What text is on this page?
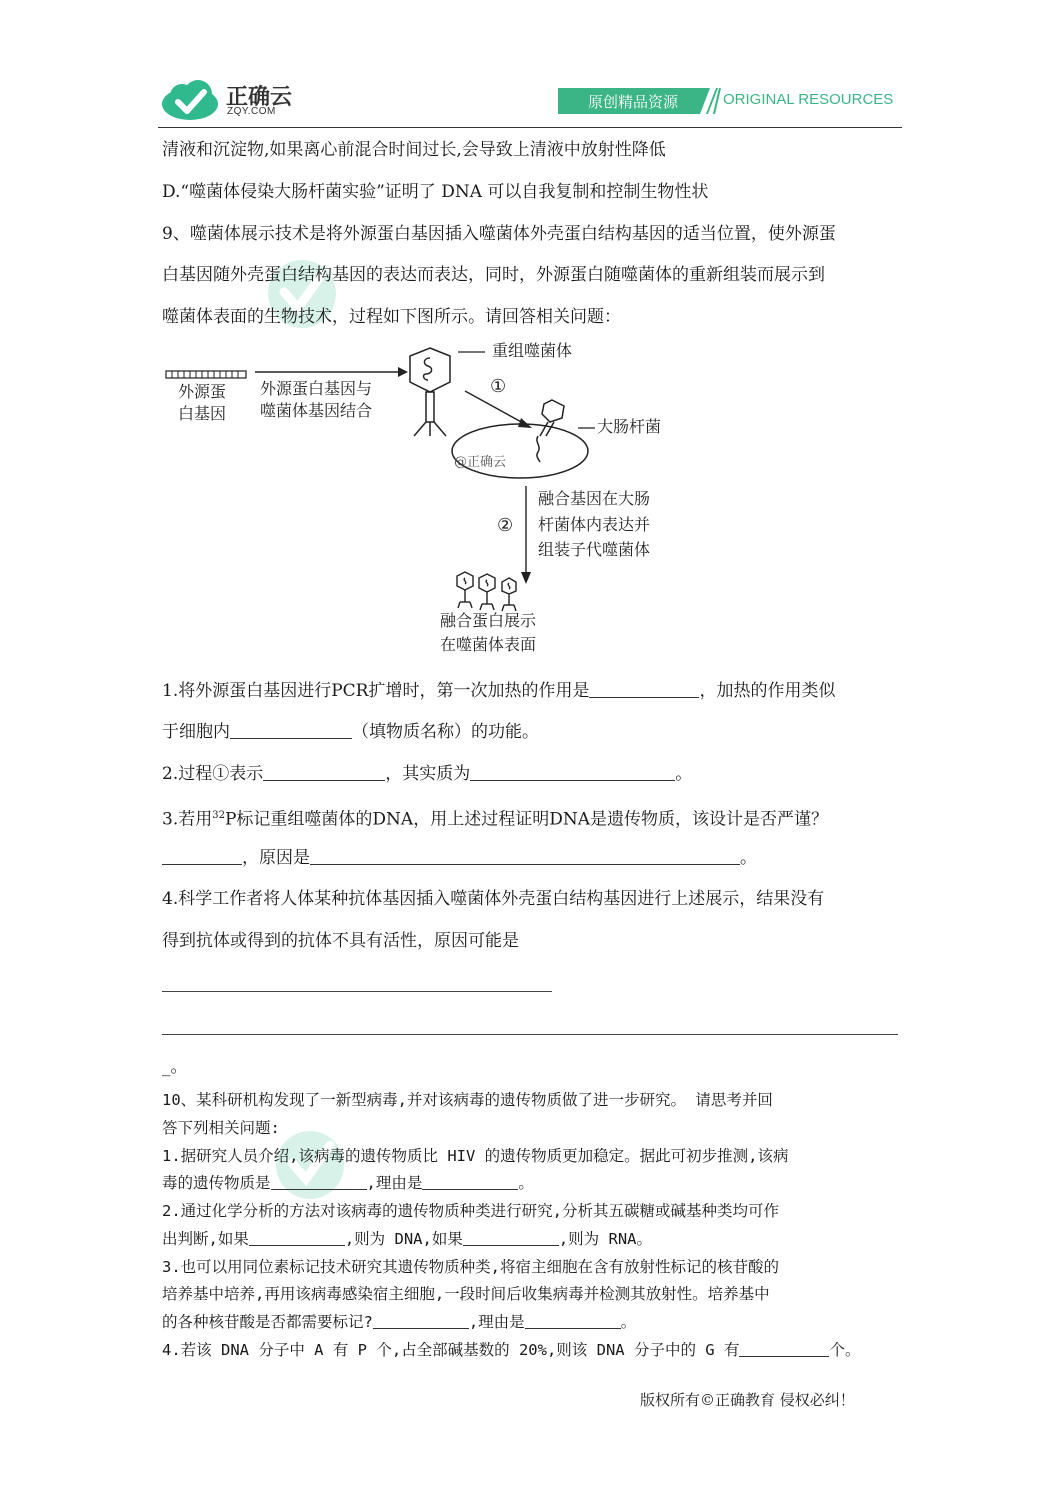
正确云
ZQY.COM
原创精品资源	ORIGINAL RESOURCES
清液和沉淀物,如果离心前混合时间过长,会导致上清液中放射性降低
D.“噬菌体侵染大肠杆菌实验”证明了 DNA 可以自我复制和控制生物性状
9、噬菌体展示技术是将外源蛋白基因插入噬菌体外壳蛋白结构基因的适当位置，使外源蛋
白基因随外壳蛋白结构基因的表达而表达，同时，外源蛋白随噬菌体的重新组装而展示到
噬菌体表面的生物技术，过程如下图所示。请回答相关问题：
外源蛋
白基因
外源蛋白基因与
噬菌体基因结合
重组噬菌体
①
大肠杆菌
@正确云
②
融合基因在大肠
杆菌体内表达并
组装子代噬菌体
融合蛋白展示
在噬菌体表面
1.将外源蛋白基因进行PCR扩增时，第一次加热的作用是	，加热的作用类似
于细胞内	（填物质名称）的功能。
2.过程①表示	，其实质为	。
3.若用$^{32}$P标记重组噬菌体的DNA，用上述过程证明DNA是遗传物质，该设计是否严谨？
，原因是	。
4.科学工作者将人体某种抗体基因插入噬菌体外壳蛋白结构基因进行上述展示，结果没有
得到抗体或得到的抗体不具有活性，原因可能是
_。
10、某科研机构发现了一新型病毒,并对该病毒的遗传物质做了进一步研究。 请思考并回
答下列相关问题:
1.据研究人员介绍,该病毒的遗传物质比 HIV 的遗传物质更加稳定。据此可初步推测,该病
毒的遗传物质是	,理由是	。
2.通过化学分析的方法对该病毒的遗传物质种类进行研究,分析其五碳糖或碱基种类均可作
出判断,如果	,则为 DNA,如果	,则为 RNA。
3.也可以用同位素标记技术研究其遗传物质种类,将宿主细胞在含有放射性标记的核苷酸的
培养基中培养,再用该病毒感染宿主细胞,一段时间后收集病毒并检测其放射性。培养基中
的各种核苷酸是否都需要标记?	,理由是	。
4.若该 DNA 分子中 A 有 P 个,占全部碱基数的 20%,则该 DNA 分子中的 G 有	个。
版权所有©正确教育 侵权必纠！
